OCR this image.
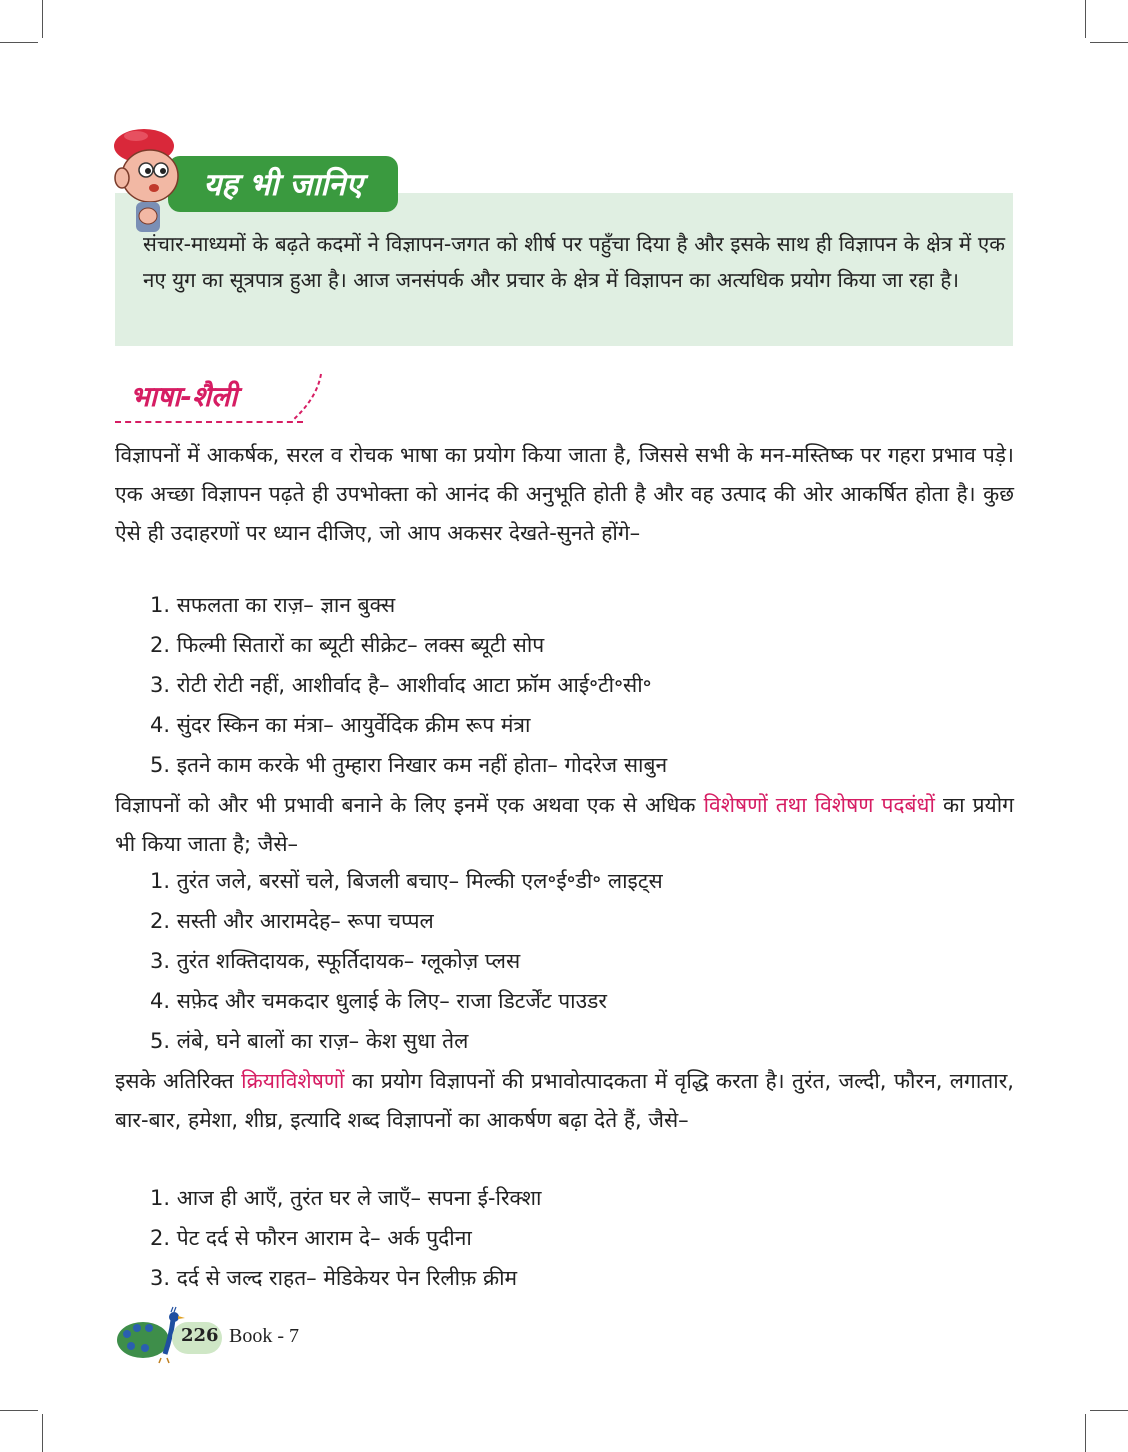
यह भी जानिए

संचार-माध्यमों के बढ़ते कदमों ने विज्ञापन-जगत को शीर्ष पर पहुँचा दिया है और इसके साथ ही विज्ञापन के क्षेत्र में एक नए युग का सूत्रपात्र हुआ है। आज जनसंपर्क और प्रचार के क्षेत्र में विज्ञापन का अत्यधिक प्रयोग किया जा रहा है।

भाषा-शैली

विज्ञापनों में आकर्षक, सरल व रोचक भाषा का प्रयोग किया जाता है, जिससे सभी के मन-मस्तिष्क पर गहरा प्रभाव पड़े। एक अच्छा विज्ञापन पढ़ते ही उपभोक्ता को आनंद की अनुभूति होती है और वह उत्पाद की ओर आकर्षित होता है। कुछ ऐसे ही उदाहरणों पर ध्यान दीजिए, जो आप अकसर देखते-सुनते होंगे–

1. सफलता का राज़– ज्ञान बुक्स
2. फिल्मी सितारों का ब्यूटी सीक्रेट– लक्स ब्यूटी सोप
3. रोटी रोटी नहीं, आशीर्वाद है– आशीर्वाद आटा फ्रॉम आई॰टी॰सी॰
4. सुंदर स्किन का मंत्रा– आयुर्वेदिक क्रीम रूप मंत्रा
5. इतने काम करके भी तुम्हारा निखार कम नहीं होता– गोदरेज साबुन

विज्ञापनों को और भी प्रभावी बनाने के लिए इनमें एक अथवा एक से अधिक विशेषणों तथा विशेषण पदबंधों का प्रयोग भी किया जाता है; जैसे–

1. तुरंत जले, बरसों चले, बिजली बचाए– मिल्की एल॰ई॰डी॰ लाइट्स
2. सस्ती और आरामदेह– रूपा चप्पल
3. तुरंत शक्तिदायक, स्फूर्तिदायक– ग्लूकोज़ प्लस
4. सफ़ेद और चमकदार धुलाई के लिए– राजा डिटर्जेंट पाउडर
5. लंबे, घने बालों का राज़– केश सुधा तेल

इसके अतिरिक्त क्रियाविशेषणों का प्रयोग विज्ञापनों की प्रभावोत्पादकता में वृद्धि करता है। तुरंत, जल्दी, फौरन, लगातार, बार-बार, हमेशा, शीघ्र, इत्यादि शब्द विज्ञापनों का आकर्षण बढ़ा देते हैं, जैसे–

1. आज ही आएँ, तुरंत घर ले जाएँ– सपना ई-रिक्शा
2. पेट दर्द से फौरन आराम दे– अर्क पुदीना
3. दर्द से जल्द राहत– मेडिकेयर पेन रिलीफ़ क्रीम
226 Book - 7
